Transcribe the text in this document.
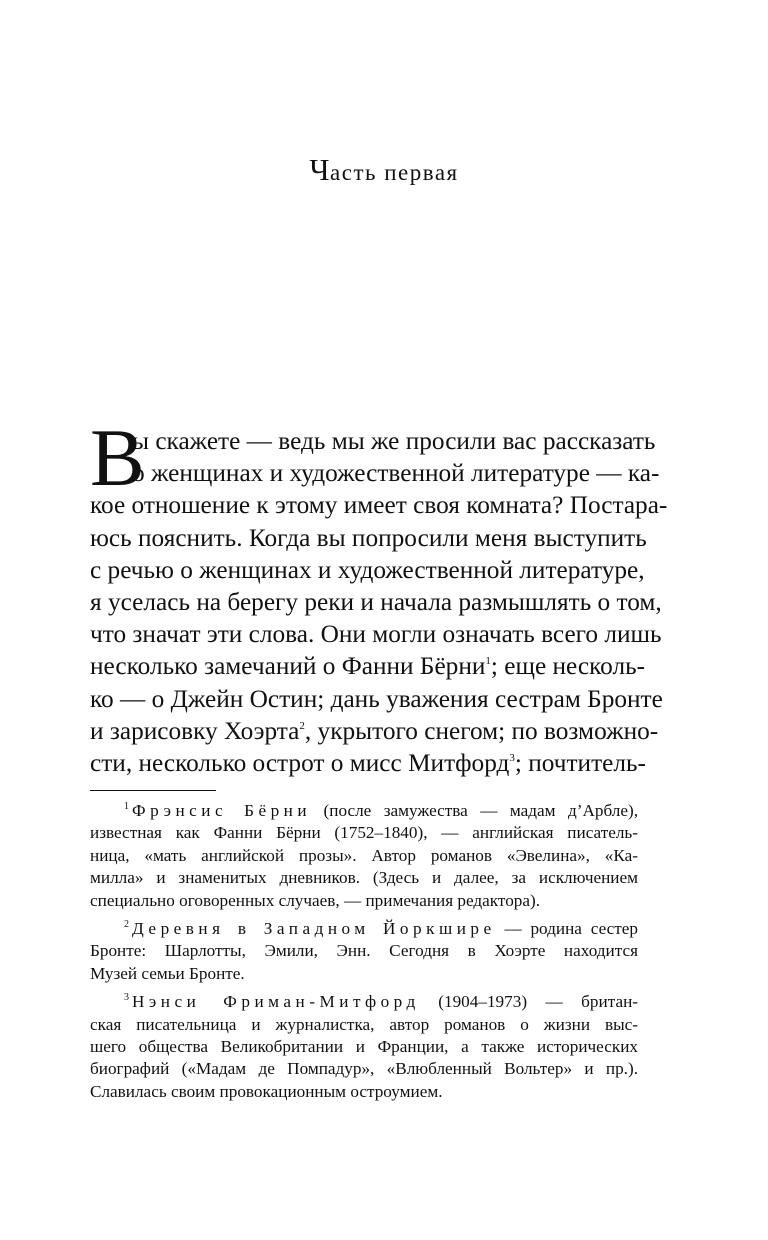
Часть первая
В
ы скажете — ведь мы же просили вас рассказать
о женщинах и художественной литературе — ка-
кое отношение к этому имеет своя комната? Постара-
юсь пояснить. Когда вы попросили меня выступить
с речью о женщинах и художественной литературе,
я уселась на берегу реки и начала размышлять о том,
что значат эти слова. Они могли означать всего лишь
несколько замечаний о Фанни Бёрни$^1$; еще несколь-
ко — о Джейн Остин; дань уважения сестрам Бронте
и зарисовку Хоэрта$^2$, укрытого снегом; по возможно-
сти, несколько острот о мисс Митфорд$^3$; почтитель-
$^1$ Фрэнсис Бёрни (после замужества — мадам д’Арбле),
известная как Фанни Бёрни (1752–1840), — английская писатель-
ница, «мать английской прозы». Автор романов «Эвелина», «Ка-
милла» и знаменитых дневников. (Здесь и далее, за исключением
специально оговоренных случаев, — примечания редактора).
$^2$ Деревня в Западном Йоркшире — родина сестер
Бронте: Шарлотты, Эмили, Энн. Сегодня в Хоэрте находится
Музей семьи Бронте.
$^3$ Нэнси Фриман-Митфорд (1904–1973) — британ-
ская писательница и журналистка, автор романов о жизни выс-
шего общества Великобритании и Франции, а также исторических
биографий («Мадам де Помпадур», «Влюбленный Вольтер» и пр.).
Славилась своим провокационным остроумием.
